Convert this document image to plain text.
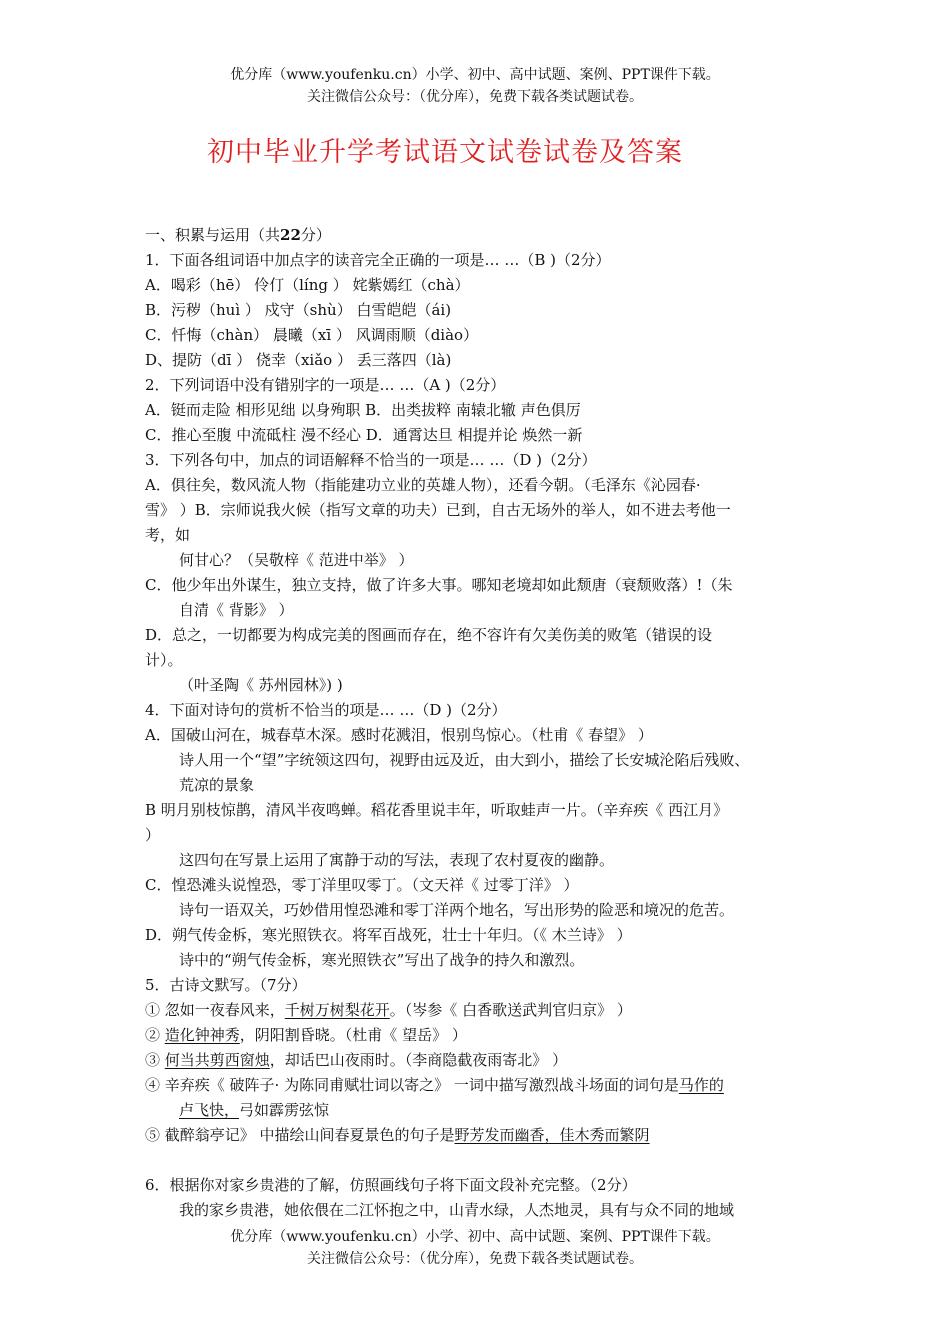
优分库（www.youfenku.cn）小学、初中、高中试题、案例、PPT课件下载。
关注微信公众号：（优分库），免费下载各类试题试卷。
初中毕业升学考试语文试卷试卷及答案
一、积累与运用（共22分）
1．下面各组词语中加点字的读音完全正确的一项是… …（B )（2分）
A．喝彩（hē） 伶仃（líng ） 姹紫嫣红（chà）
B．污秽（huì ） 戍守（shù） 白雪皑皑（ái)
C．忏悔（chàn） 晨曦（xī ） 风调雨顺（diào）
D、提防（dī ） 侥幸（xiǎo ） 丢三落四（là)
2．下列词语中没有错别字的一项是… …（A )（2分）
A．铤而走险 相形见绌 以身殉职 B．出类拔粹 南辕北辙 声色俱厉
C．推心至腹 中流砥柱 漫不经心 D．通霄达旦 相提并论 焕然一新
3．下列各句中，加点的词语解释不恰当的一项是… …（D )（2分）
A．俱往矣，数风流人物（指能建功立业的英雄人物），还看今朝。（毛泽东《沁园春·
雪》 ）B．宗师说我火候（指写文章的功夫）已到，自古无场外的举人，如不进去考他一
考，如
何甘心？（吴敬梓《 范进中举》 ）
C．他少年出外谋生，独立支持，做了许多大事。哪知老境却如此颓唐（衰颓败落）!（朱
自清《 背影》 ）
D．总之，一切都要为构成完美的图画而存在，绝不容许有欠美伤美的败笔（错误的设
计）。
（叶圣陶《 苏州园林》) )
4．下面对诗句的赏析不恰当的项是… …（D )（2分）
A．国破山河在，城春草木深。感时花溅泪，恨别鸟惊心。（杜甫《 春望》 ）
诗人用一个“望”字统领这四句，视野由远及近，由大到小，描绘了长安城沦陷后残败、
荒凉的景象
B 明月别枝惊鹊，清风半夜鸣蝉。稻花香里说丰年，听取蛙声一片。（辛弃疾《 西江月》
）
这四句在写景上运用了寓静于动的写法，表现了农村夏夜的幽静。
C．惶恐滩头说惶恐，零丁洋里叹零丁。（文天祥《 过零丁洋》 ）
诗句一语双关，巧妙借用惶恐滩和零丁洋两个地名，写出形势的险恶和境况的危苦。
D．朔气传金柝，寒光照铁衣。将军百战死，壮士十年归。（《 木兰诗》 ）
诗中的“朔气传金柝，寒光照铁衣”写出了战争的持久和激烈。
5．古诗文默写。（7分）
① 忽如一夜春风来，千树万树梨花开。（岑参《 白香歌送武判官归京》 ）
② 造化钟神秀，阴阳割昏晓。（杜甫《 望岳》 ）
③ 何当共剪西窗烛，却话巴山夜雨时。（李商隐截夜雨寄北》 ）
④ 辛弃疾《 破阵子· 为陈同甫赋壮词以寄之》 一词中描写激烈战斗场面的词句是马作的
卢飞快，弓如霹雳弦惊
⑤ 截醉翁亭记》 中描绘山间春夏景色的句子是野芳发而幽香，佳木秀而繁阴
6．根据你对家乡贵港的了解，仿照画线句子将下面文段补充完整。（2分）
我的家乡贵港，她依偎在二江怀抱之中，山青水绿，人杰地灵，具有与众不同的地域
优分库（www.youfenku.cn）小学、初中、高中试题、案例、PPT课件下载。
关注微信公众号：（优分库），免费下载各类试题试卷。
